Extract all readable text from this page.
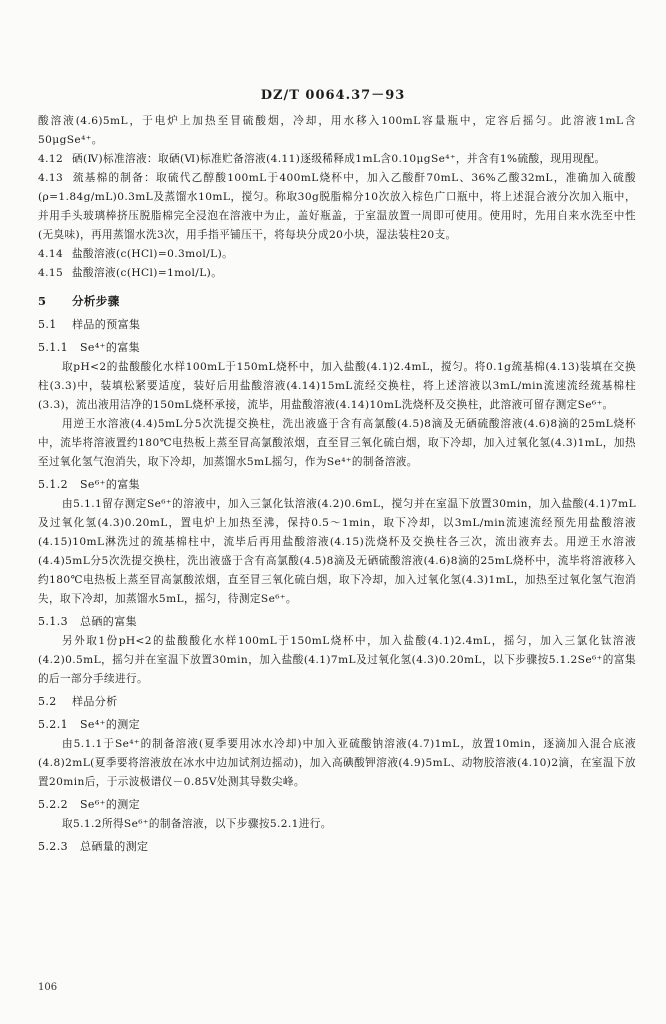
DZ/T 0064.37－93

酸溶液(4.6)5mL，于电炉上加热至冒硫酸烟，冷却，用水移入100mL容量瓶中，定容后摇匀。此溶液1mL含50μgSe⁴⁺。

4.12 硒(Ⅳ)标准溶液：取硒(Ⅵ)标准贮备溶液(4.11)逐级稀释成1mL含0.10μgSe⁴⁺，并含有1%硫酸，现用现配。

4.13 巯基棉的制备：取硫代乙醇酸100mL于400mL烧杯中，加入乙酸酐70mL、36%乙酸32mL，准确加入硫酸(ρ=1.84g/mL)0.3mL及蒸馏水10mL，搅匀。称取30g脱脂棉分10次放入棕色广口瓶中，将上述混合液分次加入瓶中，并用手头玻璃棒挤压脱脂棉完全浸泡在溶液中为止，盖好瓶盖，于室温放置一周即可使用。使用时，先用自来水洗至中性(无臭味)，再用蒸馏水洗3次，用手指平铺压干，将每块分成20小块，湿法装柱20支。

4.14 盐酸溶液(c(HCl)=0.3mol/L)。

4.15 盐酸溶液(c(HCl)=1mol/L)。

5 分析步骤

5.1 样品的预富集

5.1.1 Se⁴⁺的富集

取pH<2的盐酸酸化水样100mL于150mL烧杯中，加入盐酸(4.1)2.4mL，搅匀。将0.1g巯基棉(4.13)装填在交换柱(3.3)中，装填松紧要适度，装好后用盐酸溶液(4.14)15mL流经交换柱，将上述溶液以3mL/min流速流经巯基棉柱(3.3)，流出液用洁净的150mL烧杯承接，流毕，用盐酸溶液(4.14)10mL洗烧杯及交换柱，此溶液可留存测定Se⁶⁺。

用逆王水溶液(4.4)5mL分5次洗提交换柱，洗出液盛于含有高氯酸(4.5)8滴及无硒硫酸溶液(4.6)8滴的25mL烧杯中，流毕将溶液置约180℃电热板上蒸至冒高氯酸浓烟，直至冒三氧化硫白烟，取下冷却，加入过氧化氢(4.3)1mL，加热至过氧化氢气泡消失，取下冷却，加蒸馏水5mL摇匀，作为Se⁴⁺的制备溶液。

5.1.2 Se⁶⁺的富集

由5.1.1留存测定Se⁶⁺的溶液中，加入三氯化钛溶液(4.2)0.6mL，搅匀并在室温下放置30min，加入盐酸(4.1)7mL及过氧化氢(4.3)0.20mL，置电炉上加热至沸，保持0.5～1min，取下冷却，以3mL/min流速流经预先用盐酸溶液(4.15)10mL淋洗过的巯基棉柱中，流毕后再用盐酸溶液(4.15)洗烧杯及交换柱各三次，流出液弃去。用逆王水溶液(4.4)5mL分5次洗提交换柱，洗出液盛于含有高氯酸(4.5)8滴及无硒硫酸溶液(4.6)8滴的25mL烧杯中，流毕将溶液移入约180℃电热板上蒸至冒高氯酸浓烟，直至冒三氧化硫白烟，取下冷却，加入过氧化氢(4.3)1mL，加热至过氧化氢气泡消失，取下冷却，加蒸馏水5mL，摇匀，待测定Se⁶⁺。

5.1.3 总硒的富集

另外取1份pH<2的盐酸酸化水样100mL于150mL烧杯中，加入盐酸(4.1)2.4mL，摇匀，加入三氯化钛溶液(4.2)0.5mL，摇匀并在室温下放置30min，加入盐酸(4.1)7mL及过氧化氢(4.3)0.20mL，以下步骤按5.1.2Se⁶⁺的富集的后一部分手续进行。

5.2 样品分析

5.2.1 Se⁴⁺的测定

由5.1.1于Se⁴⁺的制备溶液(夏季要用冰水冷却)中加入亚硫酸钠溶液(4.7)1mL，放置10min，逐滴加入混合底液(4.8)2mL(夏季要将溶液放在冰水中边加试剂边摇动)，加入高碘酸钾溶液(4.9)5mL、动物胶溶液(4.10)2滴，在室温下放置20min后，于示波极谱仪－0.85V处测其导数尖峰。

5.2.2 Se⁶⁺的测定

取5.1.2所得Se⁶⁺的制备溶液，以下步骤按5.2.1进行。

5.2.3 总硒量的测定

106
